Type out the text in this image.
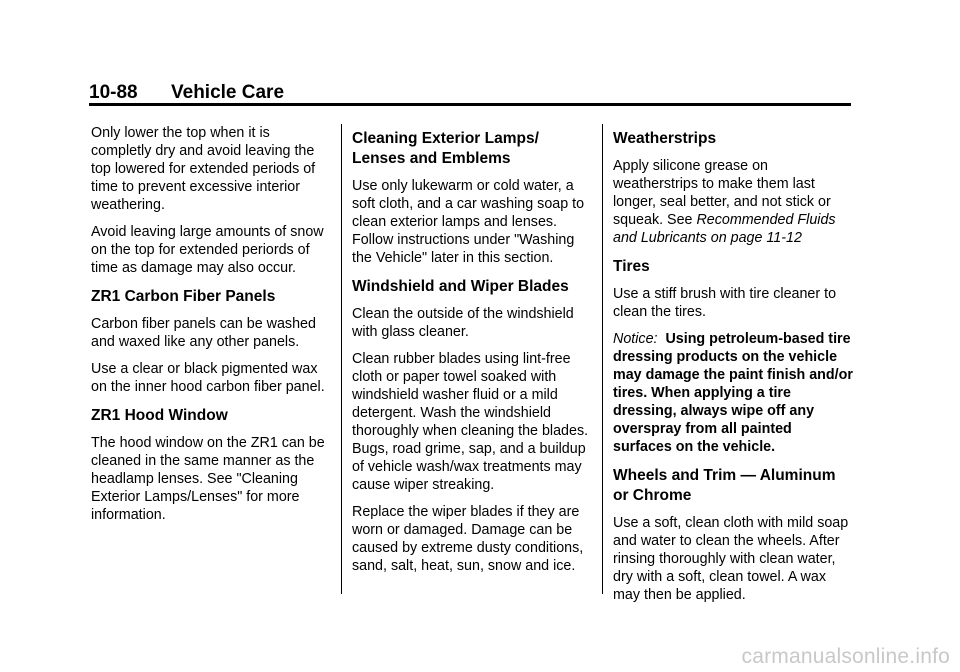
10-88 Vehicle Care

Only lower the top when it is completly dry and avoid leaving the top lowered for extended periods of time to prevent excessive interior weathering.

Avoid leaving large amounts of snow on the top for extended periords of time as damage may also occur.

ZR1 Carbon Fiber Panels

Carbon fiber panels can be washed and waxed like any other panels.

Use a clear or black pigmented wax on the inner hood carbon fiber panel.

ZR1 Hood Window

The hood window on the ZR1 can be cleaned in the same manner as the headlamp lenses. See "Cleaning Exterior Lamps/Lenses" for more information.

Cleaning Exterior Lamps/ Lenses and Emblems

Use only lukewarm or cold water, a soft cloth, and a car washing soap to clean exterior lamps and lenses. Follow instructions under "Washing the Vehicle" later in this section.

Windshield and Wiper Blades

Clean the outside of the windshield with glass cleaner.

Clean rubber blades using lint-free cloth or paper towel soaked with windshield washer fluid or a mild detergent. Wash the windshield thoroughly when cleaning the blades. Bugs, road grime, sap, and a buildup of vehicle wash/wax treatments may cause wiper streaking.

Replace the wiper blades if they are worn or damaged. Damage can be caused by extreme dusty conditions, sand, salt, heat, sun, snow and ice.

Weatherstrips

Apply silicone grease on weatherstrips to make them last longer, seal better, and not stick or squeak. See Recommended Fluids and Lubricants on page 11-12

Tires

Use a stiff brush with tire cleaner to clean the tires.

Notice: Using petroleum-based tire dressing products on the vehicle may damage the paint finish and/or tires. When applying a tire dressing, always wipe off any overspray from all painted surfaces on the vehicle.

Wheels and Trim — Aluminum or Chrome

Use a soft, clean cloth with mild soap and water to clean the wheels. After rinsing thoroughly with clean water, dry with a soft, clean towel. A wax may then be applied.

carmanualsonline.info
